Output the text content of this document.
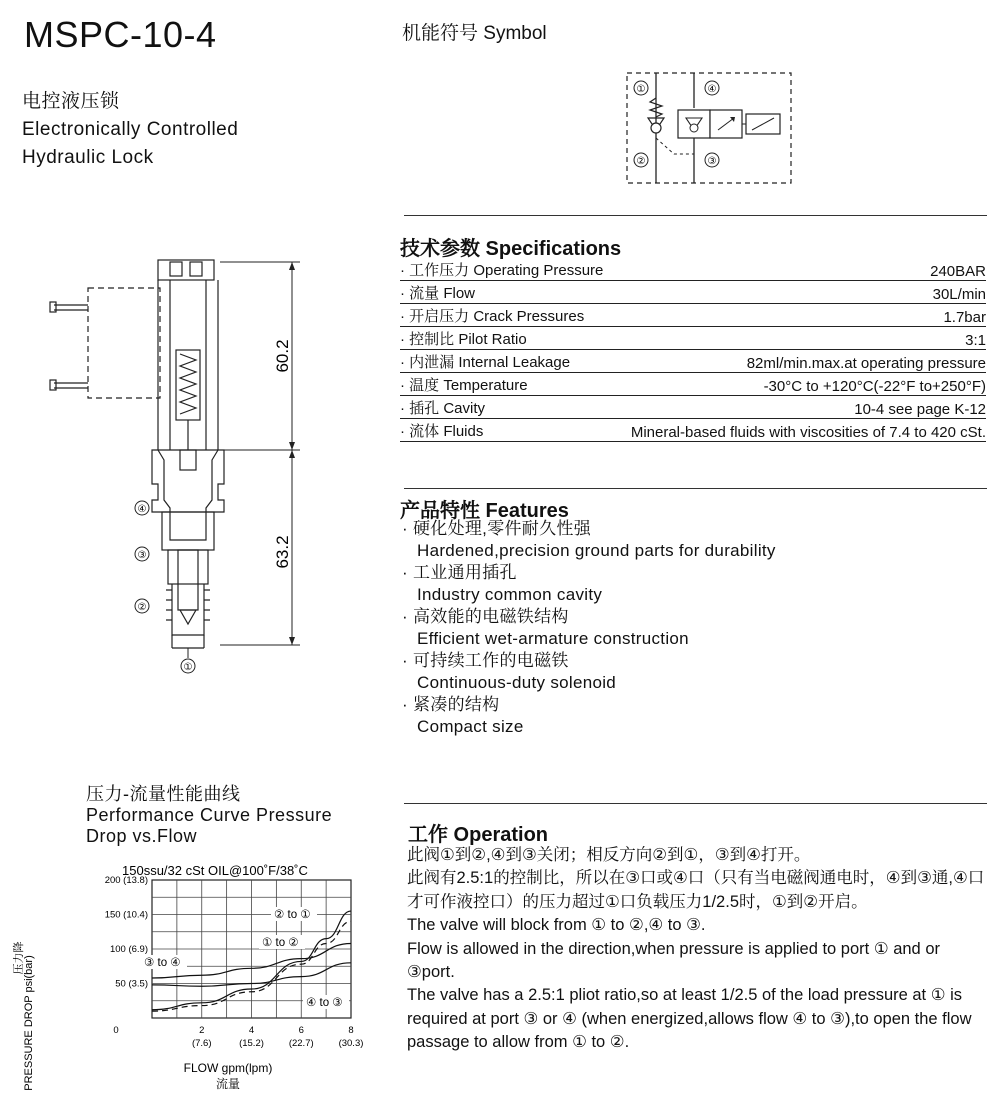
MSPC-10-4
电控液压锁
Electronically Controlled
Hydraulic Lock
机能符号 Symbol
①	④
②	③
技术参数 Specifications
· 工作压力 Operating Pressure	240BAR
· 流量 Flow	30L/min
· 开启压力 Crack Pressures	1.7bar
· 控制比 Pilot Ratio	3:1
· 内泄漏 Internal Leakage	82ml/min.max.at operating pressure
· 温度 Temperature	-30°C to +120°C(-22°F to+250°F)
· 插孔 Cavity	10-4 see page K-12
· 流体 Fluids	Mineral-based fluids with viscosities of 7.4 to 420 cSt.
产品特性 Features
· 硬化处理,零件耐久性强
Hardened,precision ground parts for durability
· 工业通用插孔
Industry common cavity
· 高效能的电磁铁结构
Efficient wet-armature construction
· 可持续工作的电磁铁
Continuous-duty solenoid
· 紧凑的结构
Compact size
工作 Operation

此阀①到②,④到③关闭；相反方向②到①，③到④打开。

此阀有2.5:1的控制比，所以在③口或④口（只有当电磁阀通电时，④到③通,④口才可作液控口）的压力超过①口负载压力1/2.5时，①到②开启。

The valve will block from ① to ②,④ to ③.

Flow is allowed in the direction,when pressure is applied to port ① and or ③port.

The valve has a 2.5:1 pliot ratio,so at least 1/2.5 of the load pressure at ① is required at port ③ or ④ (when energized,allows flow ④ to ③),to open the flow passage to allow from ① to ②.

60.2
63.2
④
③
②
①
压力-流量性能曲线
Performance Curve Pressure
Drop vs.Flow
150ssu/32 cSt OIL@100˚F/38˚C
50 (3.5)
100 (6.9)
150 (10.4)
200 (13.8)
0	2
(7.6)
4
(15.2)
6
(22.7)
8
(30.3)
② to ①
① to ②
③ to ④
④ to ③
PRESSURE DROP psi(bar)
压力降
FLOW gpm(lpm)
流量
